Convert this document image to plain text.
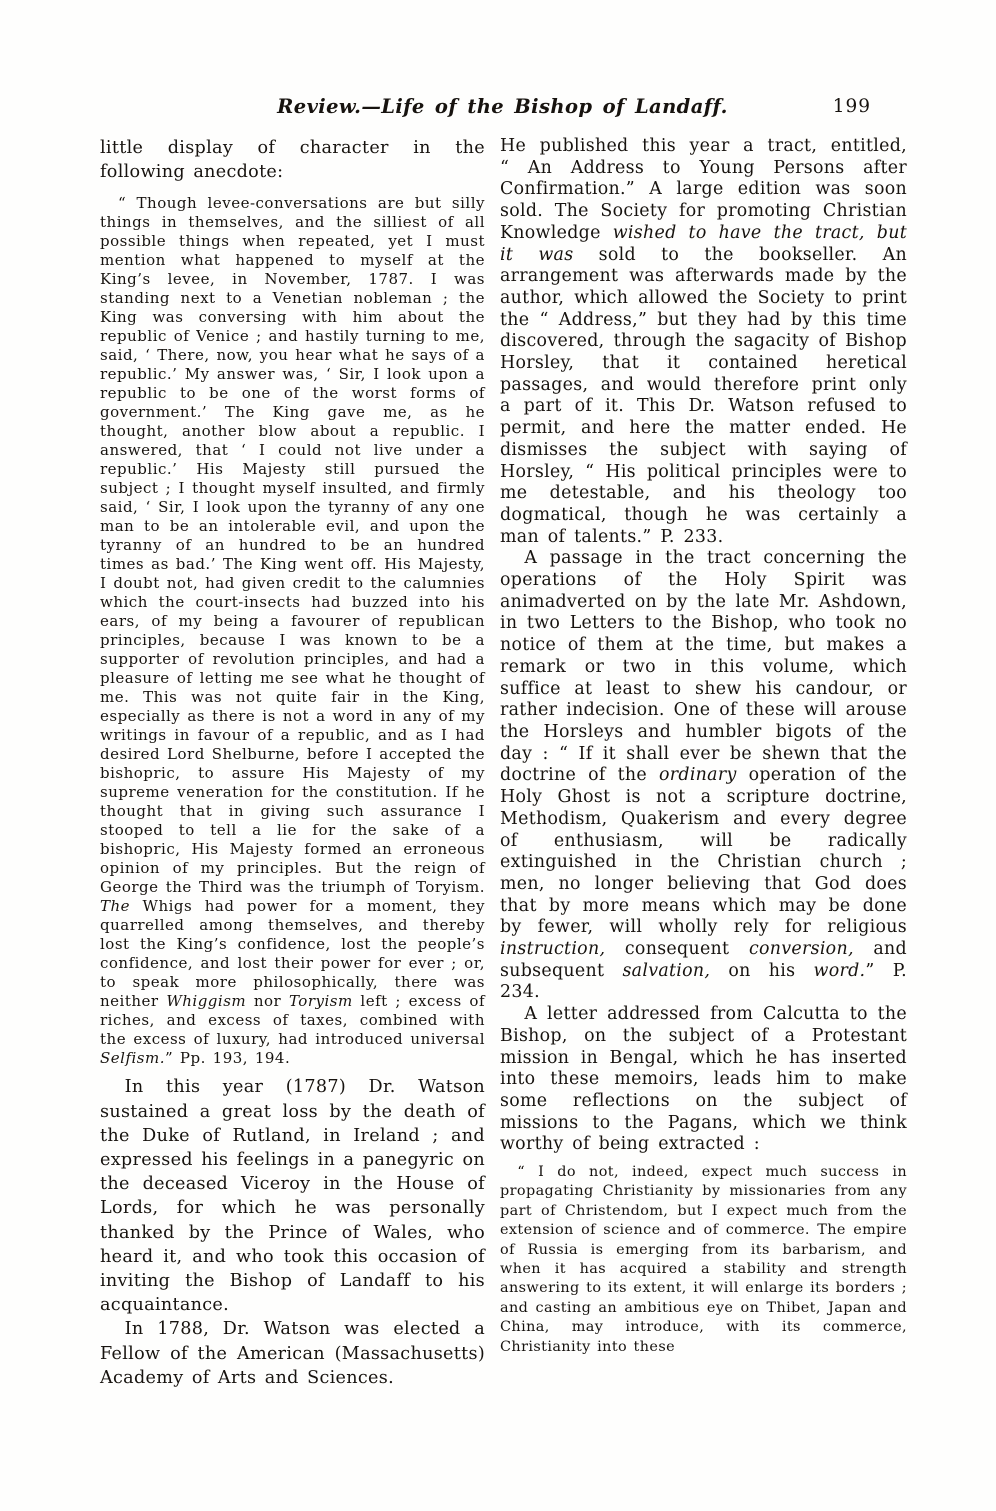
Review.—Life of the Bishop of Landaff.	199

little display of character in the following anecdote:

“ Though levee-conversations are but silly things in themselves, and the silliest of all possible things when repeated, yet I must mention what happened to myself at the King’s levee, in November, 1787. I was standing next to a Venetian nobleman ; the King was conversing with him about the republic of Venice ; and hastily turning to me, said, ‘ There, now, you hear what he says of a republic.’ My answer was, ‘ Sir, I look upon a republic to be one of the worst forms of government.’ The King gave me, as he thought, another blow about a republic. I answered, that ‘ I could not live under a republic.’ His Majesty still pursued the subject ; I thought myself insulted, and firmly said, ‘ Sir, I look upon the tyranny of any one man to be an intolerable evil, and upon the tyranny of an hundred to be an hundred times as bad.’ The King went off. His Majesty, I doubt not, had given credit to the calumnies which the court-insects had buzzed into his ears, of my being a favourer of republican principles, because I was known to be a supporter of revolution principles, and had a pleasure of letting me see what he thought of me. This was not quite fair in the King, especially as there is not a word in any of my writings in favour of a republic, and as I had desired Lord Shelburne, before I accepted the bishopric, to assure His Majesty of my supreme veneration for the constitution. If he thought that in giving such assurance I stooped to tell a lie for the sake of a bishopric, His Majesty formed an erroneous opinion of my principles. But the reign of George the Third was the triumph of Toryism. The Whigs had power for a moment, they quarrelled among themselves, and thereby lost the King’s confidence, lost the people’s confidence, and lost their power for ever ; or, to speak more philosophically, there was neither Whiggism nor Toryism left ; excess of riches, and excess of taxes, combined with the excess of luxury, had introduced universal Selfism.” Pp. 193, 194.

In this year (1787) Dr. Watson sustained a great loss by the death of the Duke of Rutland, in Ireland ; and expressed his feelings in a panegyric on the deceased Viceroy in the House of Lords, for which he was personally thanked by the Prince of Wales, who heard it, and who took this occasion of inviting the Bishop of Landaff to his acquaintance.

In 1788, Dr. Watson was elected a Fellow of the American (Massachusetts) Academy of Arts and Sciences.

He published this year a tract, entitled, “ An Address to Young Persons after Confirmation.” A large edition was soon sold. The Society for promoting Christian Knowledge wished to have the tract, but it was sold to the bookseller. An arrangement was afterwards made by the author, which allowed the Society to print the “ Address,” but they had by this time discovered, through the sagacity of Bishop Horsley, that it contained heretical passages, and would therefore print only a part of it. This Dr. Watson refused to permit, and here the matter ended. He dismisses the subject with saying of Horsley, “ His political principles were to me detestable, and his theology too dogmatical, though he was certainly a man of talents.” P. 233.

A passage in the tract concerning the operations of the Holy Spirit was animadverted on by the late Mr. Ashdown, in two Letters to the Bishop, who took no notice of them at the time, but makes a remark or two in this volume, which suffice at least to shew his candour, or rather indecision. One of these will arouse the Horsleys and humbler bigots of the day : “ If it shall ever be shewn that the doctrine of the ordinary operation of the Holy Ghost is not a scripture doctrine, Methodism, Quakerism and every degree of enthusiasm, will be radically extinguished in the Christian church ; men, no longer believing that God does that by more means which may be done by fewer, will wholly rely for religious instruction, consequent conversion, and subsequent salvation, on his word.” P. 234.

A letter addressed from Calcutta to the Bishop, on the subject of a Protestant mission in Bengal, which he has inserted into these memoirs, leads him to make some reflections on the subject of missions to the Pagans, which we think worthy of being extracted :

“ I do not, indeed, expect much success in propagating Christianity by missionaries from any part of Christendom, but I expect much from the extension of science and of commerce. The empire of Russia is emerging from its barbarism, and when it has acquired a stability and strength answering to its extent, it will enlarge its borders ; and casting an ambitious eye on Thibet, Japan and China, may introduce, with its commerce, Christianity into these
